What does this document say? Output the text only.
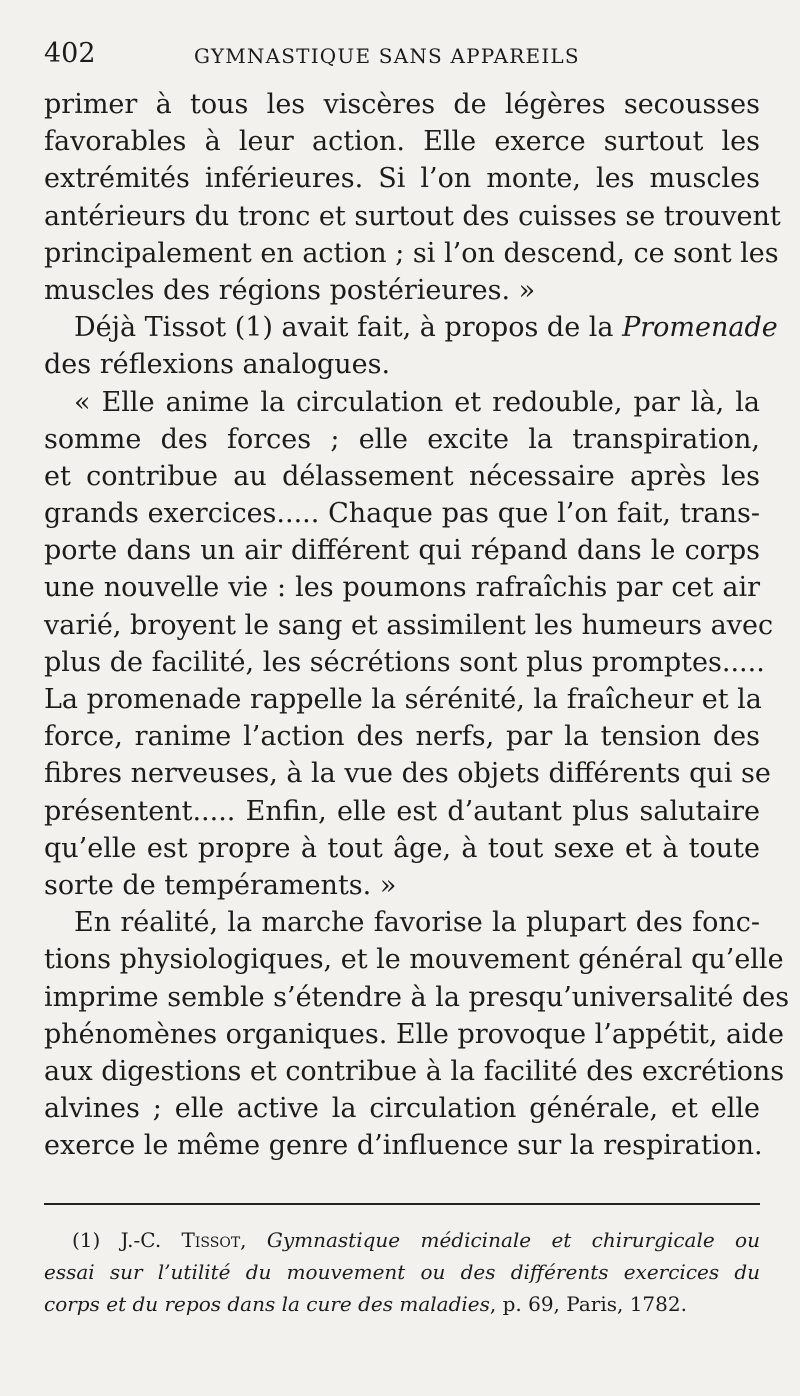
402	GYMNASTIQUE SANS APPAREILS
primer à tous les viscères de légères secousses
favorables à leur action. Elle exerce surtout les
extrémités inférieures. Si l’on monte, les muscles
antérieurs du tronc et surtout des cuisses se trouvent
principalement en action ; si l’on descend, ce sont les
muscles des régions postérieures. »
Déjà Tissot (1) avait fait, à propos de la Promenade
des réflexions analogues.
« Elle anime la circulation et redouble, par là, la
somme des forces ; elle excite la transpiration,
et contribue au délassement nécessaire après les
grands exercices..... Chaque pas que l’on fait, trans-
porte dans un air différent qui répand dans le corps
une nouvelle vie : les poumons rafraîchis par cet air
varié, broyent le sang et assimilent les humeurs avec
plus de facilité, les sécrétions sont plus promptes.....
La promenade rappelle la sérénité, la fraîcheur et la
force, ranime l’action des nerfs, par la tension des
fibres nerveuses, à la vue des objets différents qui se
présentent..... Enfin, elle est d’autant plus salutaire
qu’elle est propre à tout âge, à tout sexe et à toute
sorte de tempéraments. »
En réalité, la marche favorise la plupart des fonc-
tions physiologiques, et le mouvement général qu’elle
imprime semble s’étendre à la presqu’universalité des
phénomènes organiques. Elle provoque l’appétit, aide
aux digestions et contribue à la facilité des excrétions
alvines ; elle active la circulation générale, et elle
exerce le même genre d’influence sur la respiration.
(1) J.-C. Tissot, Gymnastique médicinale et chirurgicale ou
essai sur l’utilité du mouvement ou des différents exercices du
corps et du repos dans la cure des maladies, p. 69, Paris, 1782.
